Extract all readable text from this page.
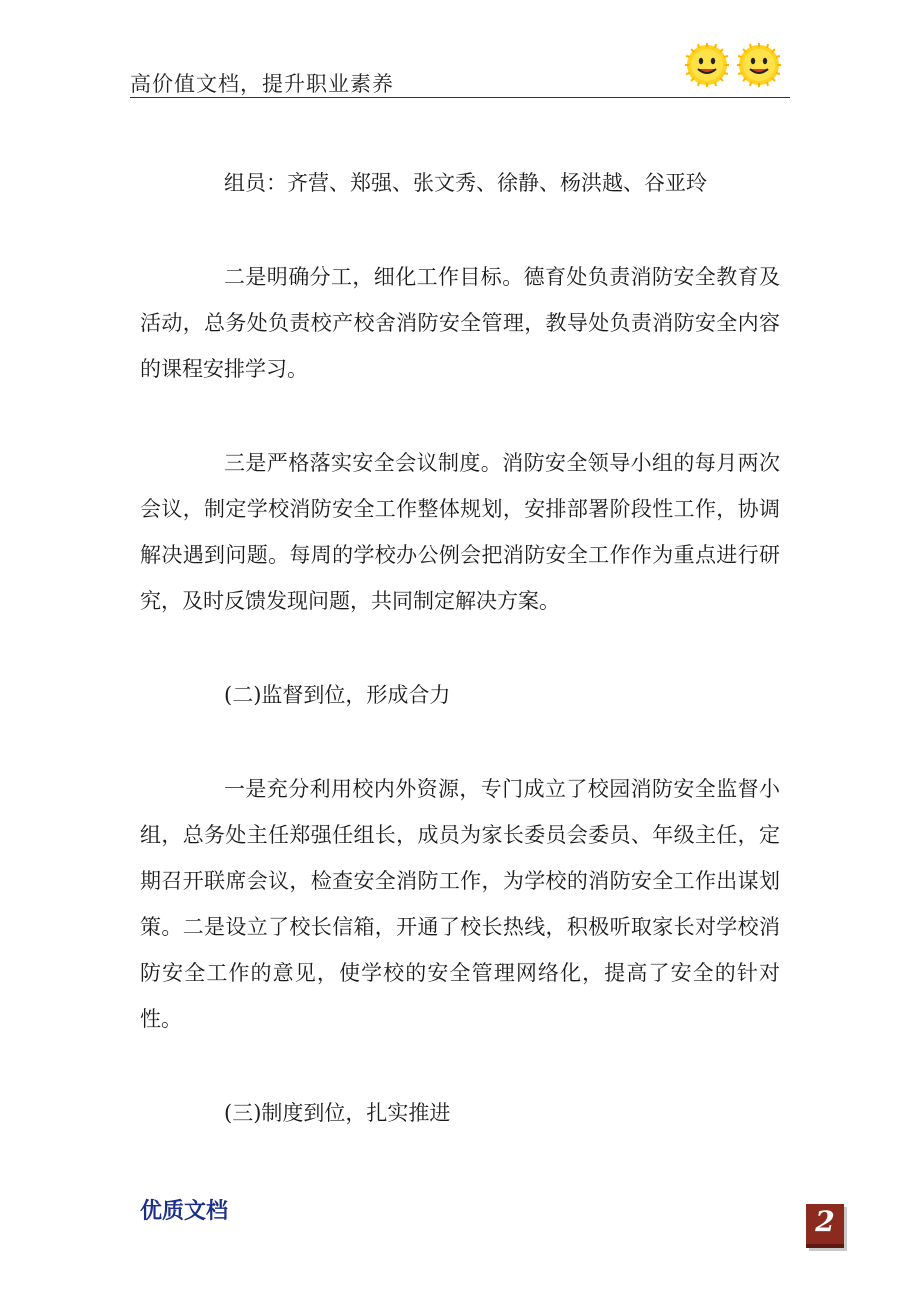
高价值文档，提升职业素养

组员：齐营、郑强、张文秀、徐静、杨洪越、谷亚玲

二是明确分工，细化工作目标。德育处负责消防安全教育及活动，总务处负责校产校舍消防安全管理，教导处负责消防安全内容的课程安排学习。

三是严格落实安全会议制度。消防安全领导小组的每月两次会议，制定学校消防安全工作整体规划，安排部署阶段性工作，协调解决遇到问题。每周的学校办公例会把消防安全工作作为重点进行研究，及时反馈发现问题，共同制定解决方案。

(二)监督到位，形成合力

一是充分利用校内外资源，专门成立了校园消防安全监督小组，总务处主任郑强任组长，成员为家长委员会委员、年级主任，定期召开联席会议，检查安全消防工作，为学校的消防安全工作出谋划策。二是设立了校长信箱，开通了校长热线，积极听取家长对学校消防安全工作的意见，使学校的安全管理网络化，提高了安全的针对性。

(三)制度到位，扎实推进

优质文档	2
